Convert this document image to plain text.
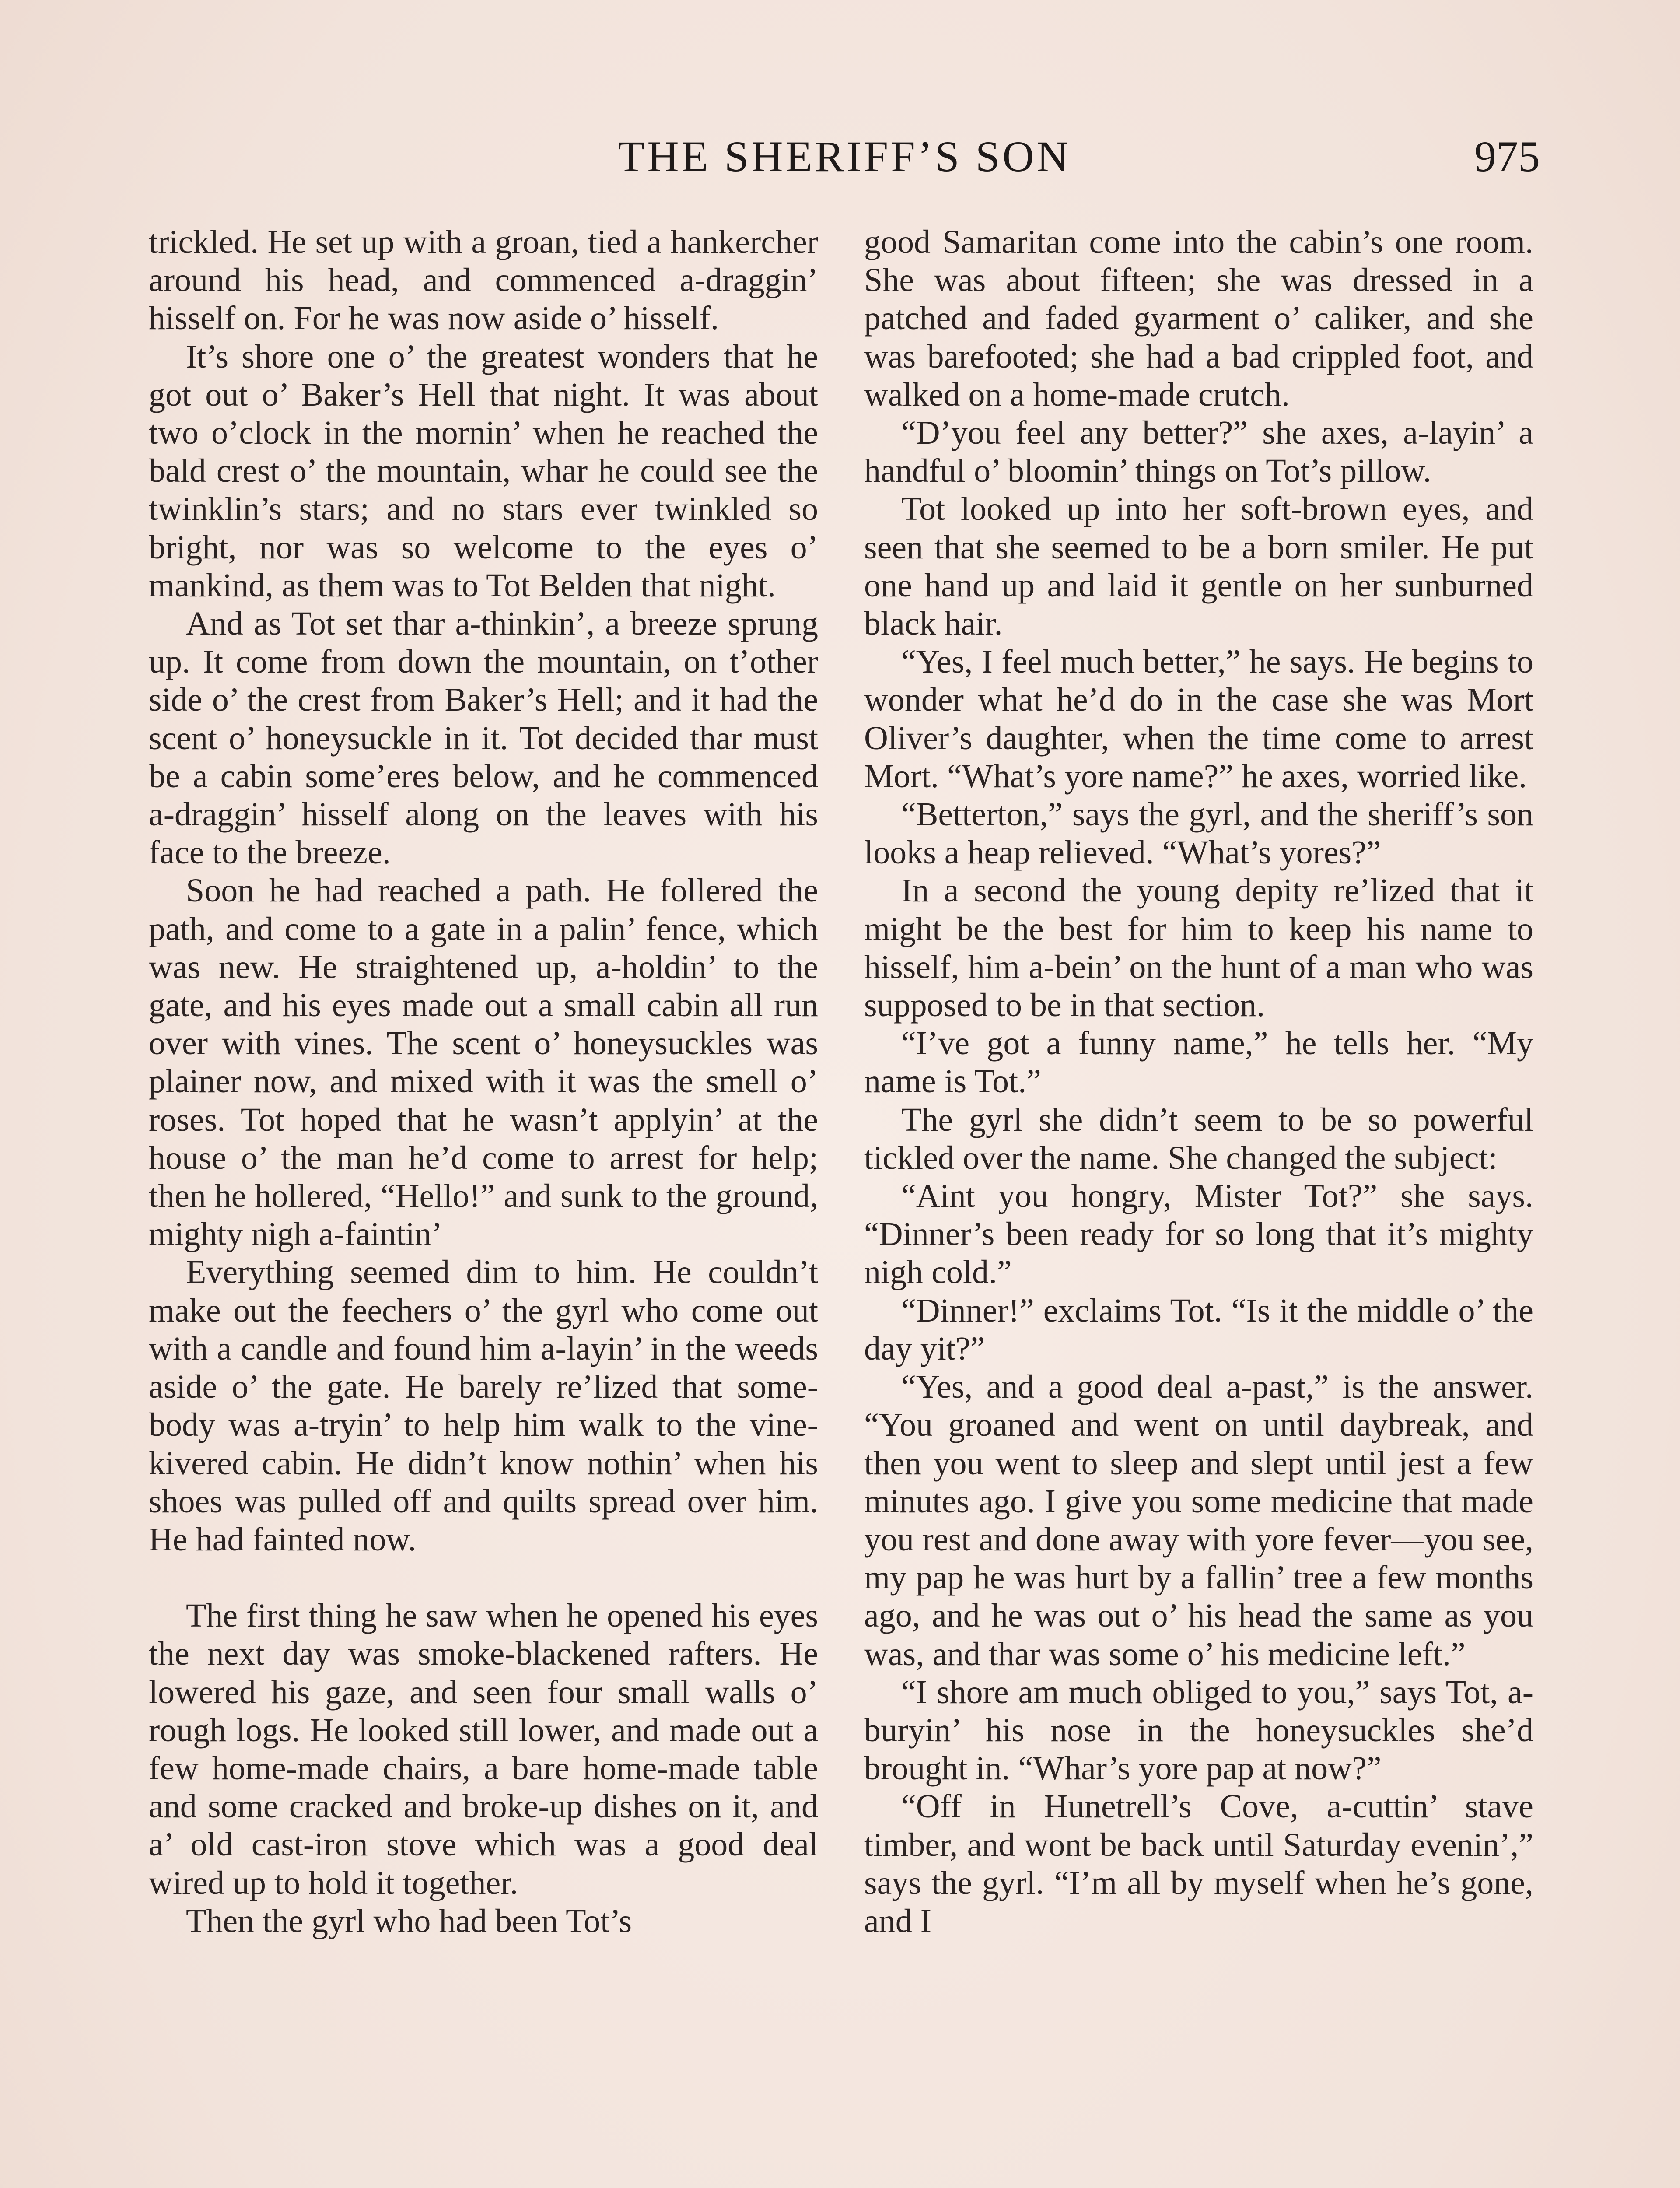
THE SHERIFF’S SON	975

trickled. He set up with a groan, tied a hankercher around his head, and commenced a-draggin’ hisself on. For he was now aside o’ hisself.

It’s shore one o’ the greatest wonders that he got out o’ Baker’s Hell that night. It was about two o’clock in the mornin’ when he reached the bald crest o’ the mountain, whar he could see the twinklin’s stars; and no stars ever twinkled so bright, nor was so welcome to the eyes o’ mankind, as them was to Tot Belden that night.

And as Tot set thar a-thinkin’, a breeze sprung up. It come from down the mountain, on t’other side o’ the crest from Baker’s Hell; and it had the scent o’ honeysuckle in it. Tot decided thar must be a cabin some’eres below, and he commenced a-draggin’ hisself along on the leaves with his face to the breeze.

Soon he had reached a path. He follered the path, and come to a gate in a palin’ fence, which was new. He straightened up, a-holdin’ to the gate, and his eyes made out a small cabin all run over with vines. The scent o’ honeysuckles was plainer now, and mixed with it was the smell o’ roses. Tot hoped that he wasn’t applyin’ at the house o’ the man he’d come to arrest for help; then he hollered, “Hello!” and sunk to the ground, mighty nigh a-faintin’

Everything seemed dim to him. He couldn’t make out the feechers o’ the gyrl who come out with a candle and found him a-layin’ in the weeds aside o’ the gate. He barely re’lized that somebody was a-tryin’ to help him walk to the vine-kivered cabin. He didn’t know nothin’ when his shoes was pulled off and quilts spread over him. He had fainted now.

The first thing he saw when he opened his eyes the next day was smoke-blackened rafters. He lowered his gaze, and seen four small walls o’ rough logs. He looked still lower, and made out a few home-made chairs, a bare home-made table and some cracked and broke-up dishes on it, and a’ old cast-iron stove which was a good deal wired up to hold it together.

Then the gyrl who had been Tot’s

good Samaritan come into the cabin’s one room. She was about fifteen; she was dressed in a patched and faded gyarment o’ caliker, and she was barefooted; she had a bad crippled foot, and walked on a home-made crutch.

“D’you feel any better?” she axes, a-layin’ a handful o’ bloomin’ things on Tot’s pillow.

Tot looked up into her soft-brown eyes, and seen that she seemed to be a born smiler. He put one hand up and laid it gentle on her sunburned black hair.

“Yes, I feel much better,” he says. He begins to wonder what he’d do in the case she was Mort Oliver’s daughter, when the time come to arrest Mort. “What’s yore name?” he axes, worried like.

“Betterton,” says the gyrl, and the sheriff’s son looks a heap relieved. “What’s yores?”

In a second the young depity re’lized that it might be the best for him to keep his name to hisself, him a-bein’ on the hunt of a man who was supposed to be in that section.

“I’ve got a funny name,” he tells her. “My name is Tot.”

The gyrl she didn’t seem to be so powerful tickled over the name. She changed the subject:

“Aint you hongry, Mister Tot?” she says. “Dinner’s been ready for so long that it’s mighty nigh cold.”

“Dinner!” exclaims Tot. “Is it the middle o’ the day yit?”

“Yes, and a good deal a-past,” is the answer. “You groaned and went on until daybreak, and then you went to sleep and slept until jest a few minutes ago. I give you some medicine that made you rest and done away with yore fever—you see, my pap he was hurt by a fallin’ tree a few months ago, and he was out o’ his head the same as you was, and thar was some o’ his medicine left.”

“I shore am much obliged to you,” says Tot, a-buryin’ his nose in the honeysuckles she’d brought in. “Whar’s yore pap at now?”

“Off in Hunetrell’s Cove, a-cuttin’ stave timber, and wont be back until Saturday evenin’,” says the gyrl. “I’m all by myself when he’s gone, and I
